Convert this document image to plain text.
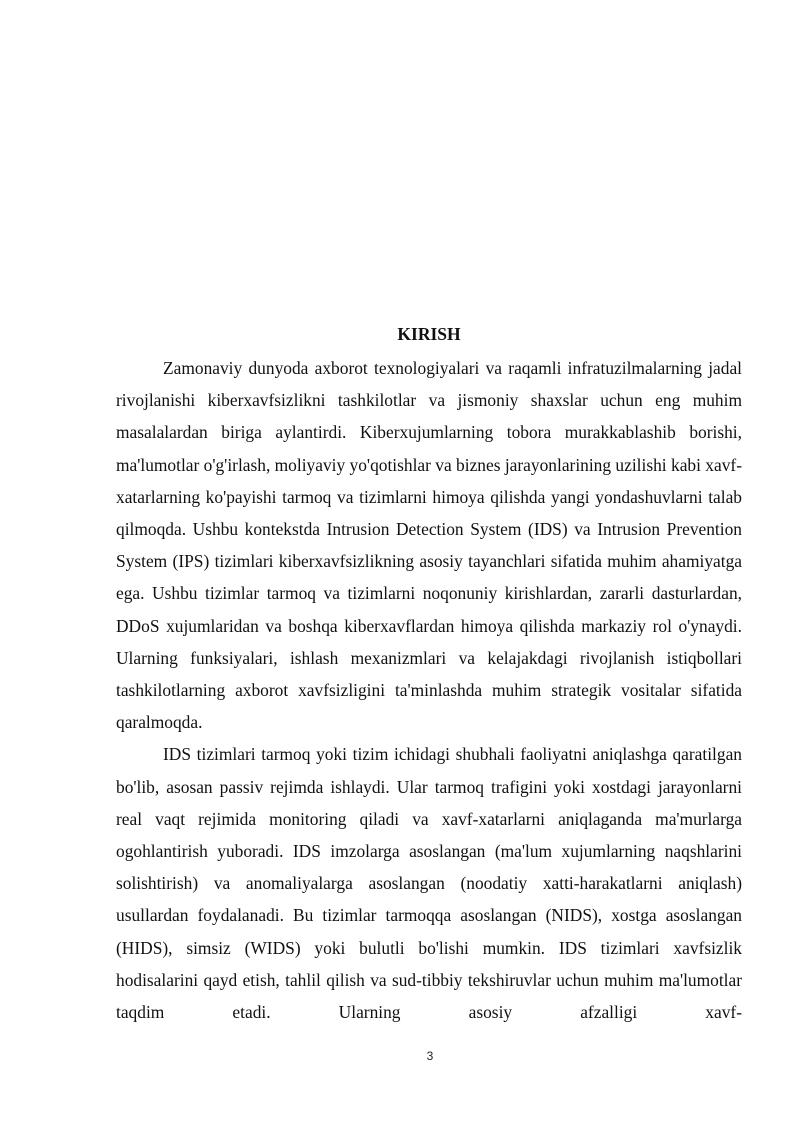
KIRISH

Zamonaviy dunyoda axborot texnologiyalari va raqamli infratuzilmalarning jadal rivojlanishi kiberxavfsizlikni tashkilotlar va jismoniy shaxslar uchun eng muhim masalalardan biriga aylantirdi. Kiberxujumlarning tobora murakkablashib borishi, ma'lumotlar o'g'irlash, moliyaviy yo'qotishlar va biznes jarayonlarining uzilishi kabi xavf-xatarlarning ko'payishi tarmoq va tizimlarni himoya qilishda yangi yondashuvlarni talab qilmoqda. Ushbu kontekstda Intrusion Detection System (IDS) va Intrusion Prevention System (IPS) tizimlari kiberxavfsizlikning asosiy tayanchlari sifatida muhim ahamiyatga ega. Ushbu tizimlar tarmoq va tizimlarni noqonuniy kirishlardan, zararli dasturlardan, DDoS xujumlaridan va boshqa kiberxavflardan himoya qilishda markaziy rol o'ynaydi. Ularning funksiyalari, ishlash mexanizmlari va kelajakdagi rivojlanish istiqbollari tashkilotlarning axborot xavfsizligini ta'minlashda muhim strategik vositalar sifatida qaralmoqda.

IDS tizimlari tarmoq yoki tizim ichidagi shubhali faoliyatni aniqlashga qaratilgan bo'lib, asosan passiv rejimda ishlaydi. Ular tarmoq trafigini yoki xostdagi jarayonlarni real vaqt rejimida monitoring qiladi va xavf-xatarlarni aniqlaganda ma'murlarga ogohlantirish yuboradi. IDS imzolarga asoslangan (ma'lum xujumlarning naqshlarini solishtirish) va anomaliyalarga asoslangan (noodatiy xatti-harakatlarni aniqlash) usullardan foydalanadi. Bu tizimlar tarmoqqa asoslangan (NIDS), xostga asoslangan (HIDS), simsiz (WIDS) yoki bulutli bo'lishi mumkin. IDS tizimlari xavfsizlik hodisalarini qayd etish, tahlil qilish va sud-tibbiy tekshiruvlar uchun muhim ma'lumotlar taqdim etadi. Ularning asosiy afzalligi xavf-

3
